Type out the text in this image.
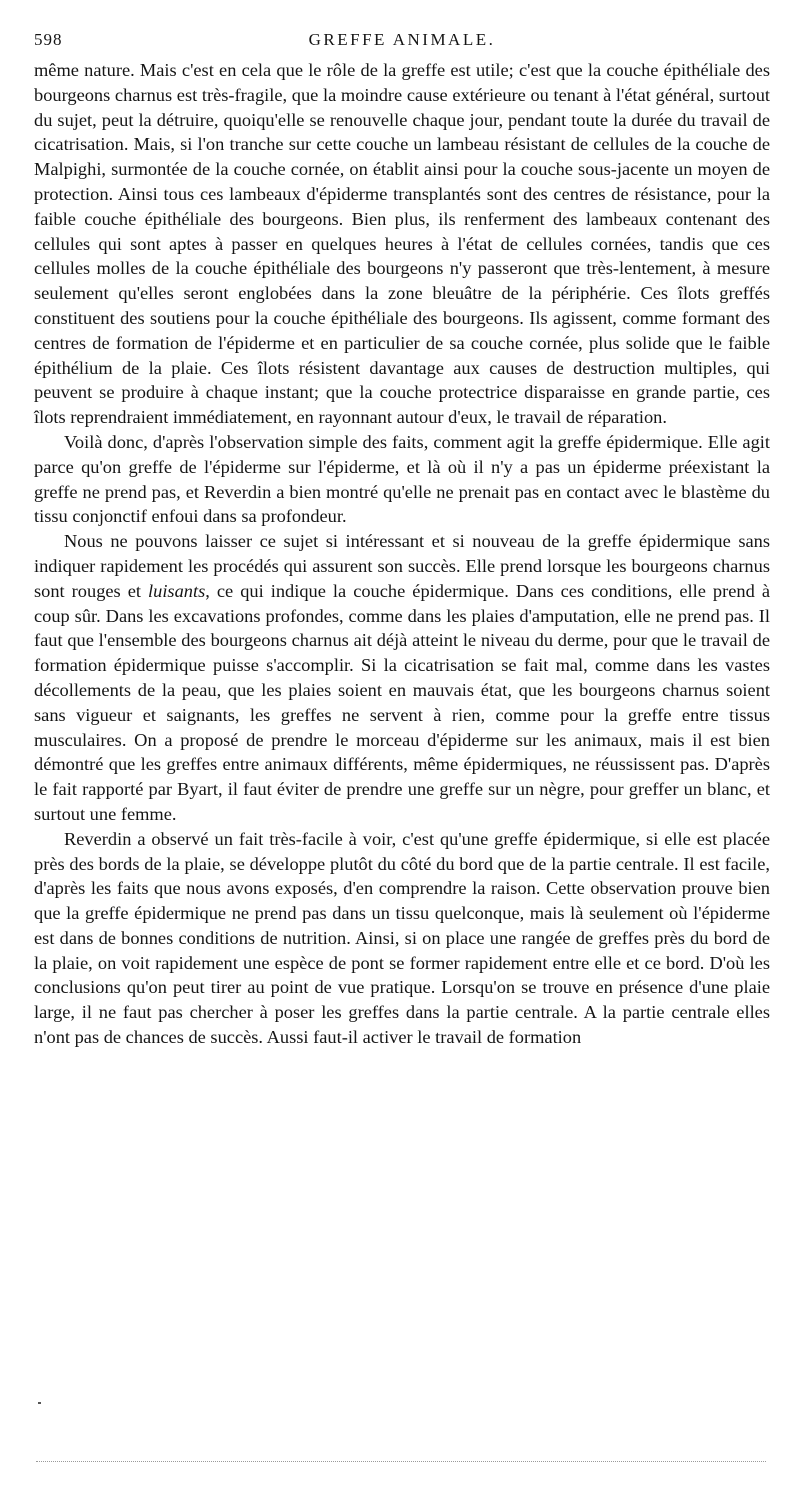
598	GREFFE ANIMALE.

même nature. Mais c'est en cela que le rôle de la greffe est utile; c'est que la couche épithéliale des bourgeons charnus est très-fragile, que la moindre cause extérieure ou tenant à l'état général, surtout du sujet, peut la détruire, quoiqu'elle se renouvelle chaque jour, pendant toute la durée du travail de cicatrisation. Mais, si l'on tranche sur cette couche un lambeau résistant de cellules de la couche de Malpighi, surmontée de la couche cornée, on établit ainsi pour la couche sous-jacente un moyen de protection. Ainsi tous ces lambeaux d'épiderme transplantés sont des centres de résistance, pour la faible couche épithéliale des bourgeons. Bien plus, ils renferment des lambeaux contenant des cellules qui sont aptes à passer en quelques heures à l'état de cellules cornées, tandis que ces cellules molles de la couche épithéliale des bourgeons n'y passeront que très-lentement, à mesure seulement qu'elles seront englobées dans la zone bleuâtre de la périphérie. Ces îlots greffés constituent des soutiens pour la couche épithéliale des bourgeons. Ils agissent, comme formant des centres de formation de l'épiderme et en particulier de sa couche cornée, plus solide que le faible épithélium de la plaie. Ces îlots résistent davantage aux causes de destruction multiples, qui peuvent se produire à chaque instant; que la couche protectrice disparaisse en grande partie, ces îlots reprendraient immédiatement, en rayonnant autour d'eux, le travail de réparation.

Voilà donc, d'après l'observation simple des faits, comment agit la greffe épidermique. Elle agit parce qu'on greffe de l'épiderme sur l'épiderme, et là où il n'y a pas un épiderme préexistant la greffe ne prend pas, et Reverdin a bien montré qu'elle ne prenait pas en contact avec le blastème du tissu conjonctif enfoui dans sa profondeur.

Nous ne pouvons laisser ce sujet si intéressant et si nouveau de la greffe épidermique sans indiquer rapidement les procédés qui assurent son succès. Elle prend lorsque les bourgeons charnus sont rouges et luisants, ce qui indique la couche épidermique. Dans ces conditions, elle prend à coup sûr. Dans les excavations profondes, comme dans les plaies d'amputation, elle ne prend pas. Il faut que l'ensemble des bourgeons charnus ait déjà atteint le niveau du derme, pour que le travail de formation épidermique puisse s'accomplir. Si la cicatrisation se fait mal, comme dans les vastes décollements de la peau, que les plaies soient en mauvais état, que les bourgeons charnus soient sans vigueur et saignants, les greffes ne servent à rien, comme pour la greffe entre tissus musculaires. On a proposé de prendre le morceau d'épiderme sur les animaux, mais il est bien démontré que les greffes entre animaux différents, même épidermiques, ne réussissent pas. D'après le fait rapporté par Byart, il faut éviter de prendre une greffe sur un nègre, pour greffer un blanc, et surtout une femme.

Reverdin a observé un fait très-facile à voir, c'est qu'une greffe épidermique, si elle est placée près des bords de la plaie, se développe plutôt du côté du bord que de la partie centrale. Il est facile, d'après les faits que nous avons exposés, d'en comprendre la raison. Cette observation prouve bien que la greffe épidermique ne prend pas dans un tissu quelconque, mais là seulement où l'épiderme est dans de bonnes conditions de nutrition. Ainsi, si on place une rangée de greffes près du bord de la plaie, on voit rapidement une espèce de pont se former rapidement entre elle et ce bord. D'où les conclusions qu'on peut tirer au point de vue pratique. Lorsqu'on se trouve en présence d'une plaie large, il ne faut pas chercher à poser les greffes dans la partie centrale. A la partie centrale elles n'ont pas de chances de succès. Aussi faut-il activer le travail de formation
